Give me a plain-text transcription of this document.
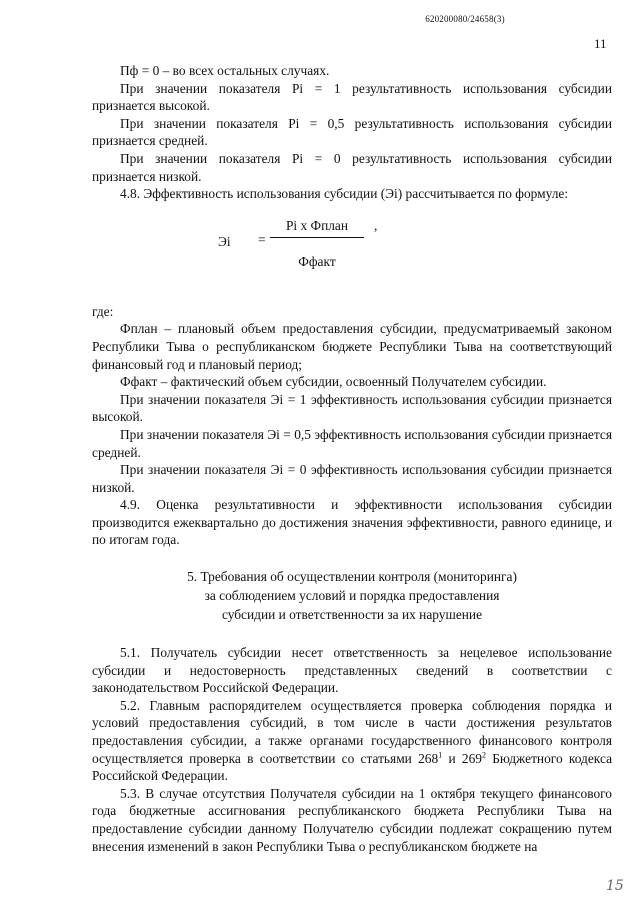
620200080/24658(3)
11

Пф = 0 – во всех остальных случаях.

При значении показателя Рi = 1 результативность использования субсидии признается высокой.

При значении показателя Рi = 0,5 результативность использования субсидии признается средней.

При значении показателя Рi = 0 результативность использования субсидии признается низкой.

4.8. Эффективность использования субсидии (Эi) рассчитывается по формуле:

Эi =
Рi х Фплан	,
Ффакт

где:

Фплан – плановый объем предоставления субсидии, предусматриваемый законом Республики Тыва о республиканском бюджете Республики Тыва на соответствующий финансовый год и плановый период;

Ффакт – фактический объем субсидии, освоенный Получателем субсидии.

При значении показателя Эi = 1 эффективность использования субсидии признается высокой.

При значении показателя Эi = 0,5 эффективность использования субсидии признается средней.

При значении показателя Эi = 0 эффективность использования субсидии признается низкой.

4.9. Оценка результативности и эффективности использования субсидии производится ежеквартально до достижения значения эффективности, равного единице, и по итогам года.

5. Требования об осуществлении контроля (мониторинга)
за соблюдением условий и порядка предоставления
субсидии и ответственности за их нарушение

5.1. Получатель субсидии несет ответственность за нецелевое использование субсидии и недостоверность представленных сведений в соответствии с законодательством Российской Федерации.

5.2. Главным распорядителем осуществляется проверка соблюдения порядка и условий предоставления субсидий, в том числе в части достижения результатов предоставления субсидии, а также органами государственного финансового контроля осуществляется проверка в соответствии со статьями $268^1$ и $269^2$ Бюджетного кодекса Российской Федерации.

5.3. В случае отсутствия Получателя субсидии на 1 октября текущего финансового года бюджетные ассигнования республиканского бюджета Республики Тыва на предоставление субсидии данному Получателю субсидии подлежат сокращению путем внесения изменений в закон Республики Тыва о республиканском бюджете на

15
